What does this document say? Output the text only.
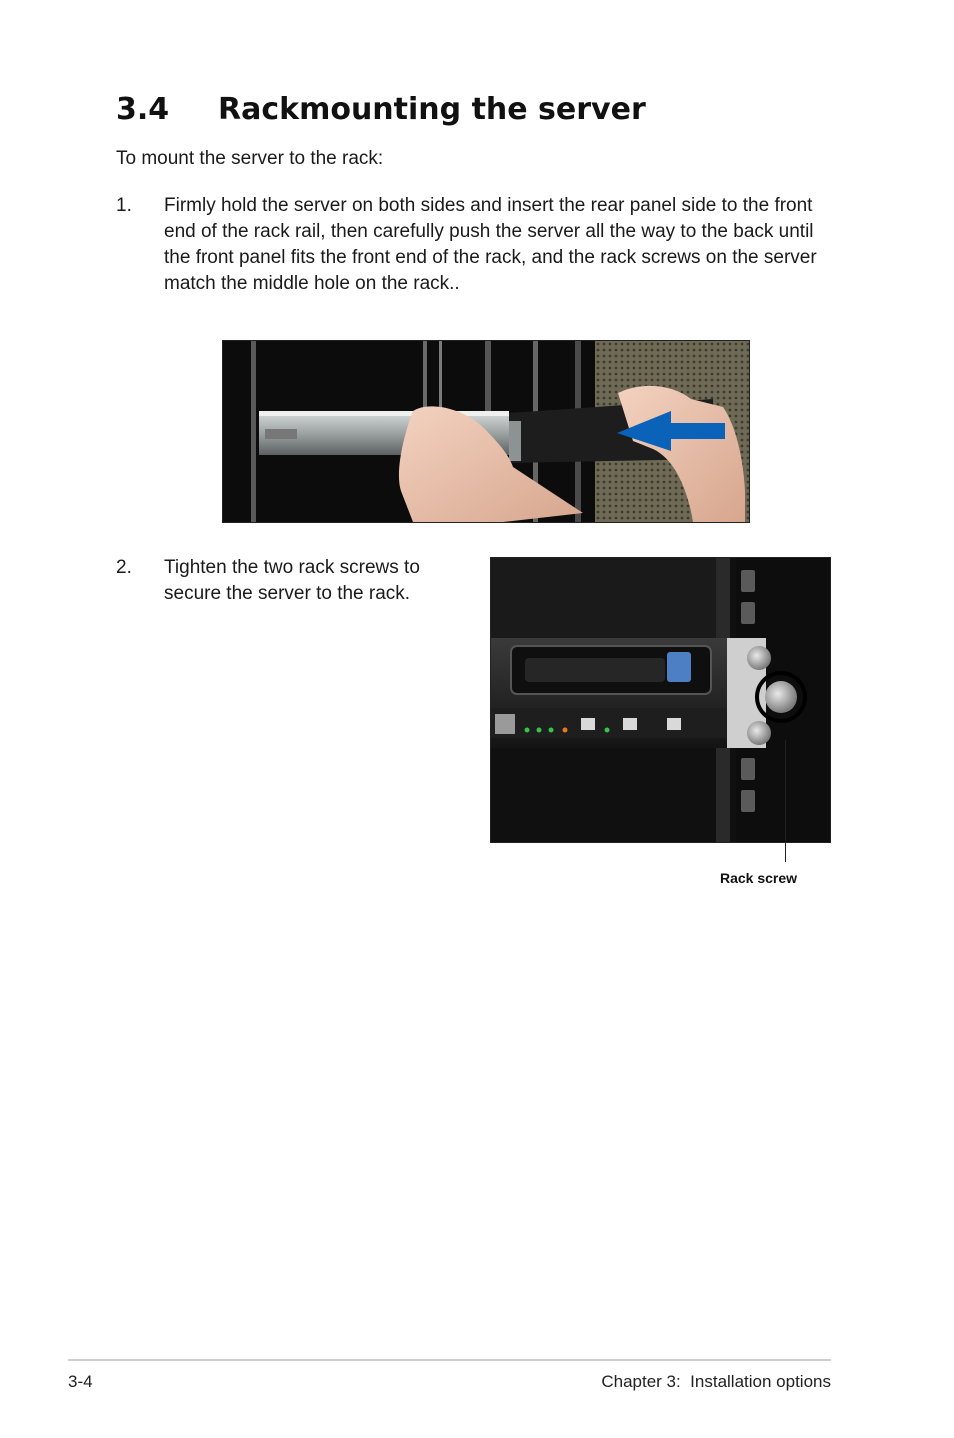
3.4 Rackmounting the server
To mount the server to the rack:
1.	Firmly hold the server on both sides and insert the rear panel side to the front end of the rack rail, then carefully push the server all the way to the back until the front panel fits the front end of the rack, and the rack screws on the server match the middle hole on the rack..
2.	Tighten the two rack screws to secure the server to the rack.
Rack screw
3-4	Chapter 3:  Installation options
